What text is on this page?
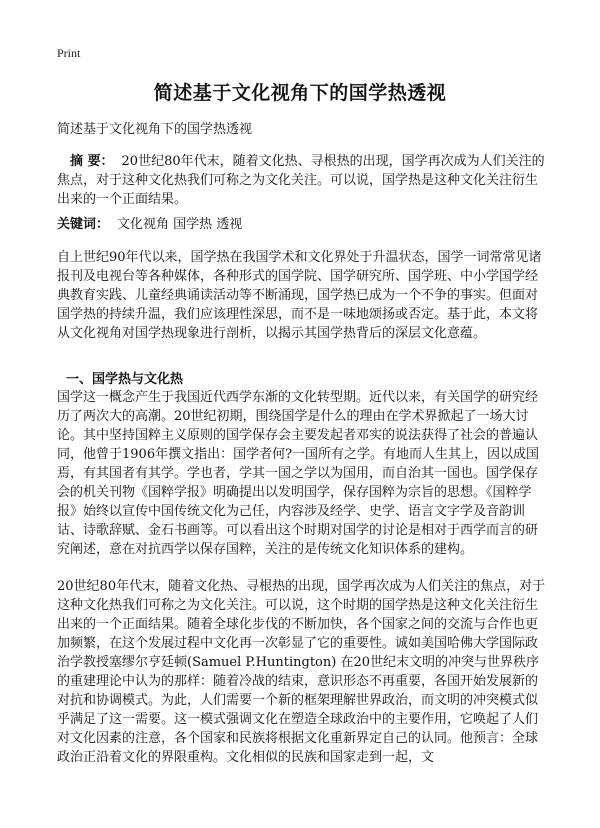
Print
简述基于文化视角下的国学热透视
简述基于文化视角下的国学热透视
摘 要： 20世纪80年代末，随着文化热、寻根热的出现，国学再次成为人们关注的焦点，对于这种文化热我们可称之为文化关注。可以说，国学热是这种文化关注衍生出来的一个正面结果。
关键词： 文化视角 国学热 透视
自上世纪90年代以来，国学热在我国学术和文化界处于升温状态，国学一词常常见诸报刊及电视台等各种媒体，各种形式的国学院、国学研究所、国学班、中小学国学经典教育实践、儿童经典诵读活动等不断涌现，国学热已成为一个不争的事实。但面对国学热的持续升温，我们应该理性深思，而不是一味地颂扬或否定。基于此，本文将从文化视角对国学热现象进行剖析，以揭示其国学热背后的深层文化意蕴。
一、国学热与文化热
国学这一概念产生于我国近代西学东渐的文化转型期。近代以来，有关国学的研究经历了两次大的高潮。20世纪初期，围绕国学是什么的理由在学术界掀起了一场大讨论。其中坚持国粹主义原则的国学保存会主要发起者邓实的说法获得了社会的普遍认同，他曾于1906年撰文指出：国学者何?一国所有之学。有地而人生其上，因以成国焉，有其国者有其学。学也者，学其一国之学以为国用，而自治其一国也。国学保存会的机关刊物《国粹学报》明确提出以发明国学，保存国粹为宗旨的思想。《国粹学报》始终以宣传中国传统文化为己任，内容涉及经学、史学、语言文字学及音韵训诂、诗歌辞赋、金石书画等。可以看出这个时期对国学的讨论是相对于西学而言的研究阐述，意在对抗西学以保存国粹，关注的是传统文化知识体系的建构。
20世纪80年代末，随着文化热、寻根热的出现，国学再次成为人们关注的焦点，对于这种文化热我们可称之为文化关注。可以说，这个时期的国学热是这种文化关注衍生出来的一个正面结果。随着全球化步伐的不断加快，各个国家之间的交流与合作也更加频繁，在这个发展过程中文化再一次彰显了它的重要性。诚如美国哈佛大学国际政治学教授塞缪尔亨廷顿(Samuel P.Huntington) 在20世纪末文明的冲突与世界秩序的重建理论中认为的那样：随着冷战的结束，意识形态不再重要，各国开始发展新的对抗和协调模式。为此，人们需要一个新的框架理解世界政治，而文明的冲突模式似乎满足了这一需要。这一模式强调文化在塑造全球政治中的主要作用，它唤起了人们对文化因素的注意，各个国家和民族将根据文化重新界定自己的认同。他预言：全球政治正沿着文化的界限重构。文化相似的民族和国家走到一起，文
